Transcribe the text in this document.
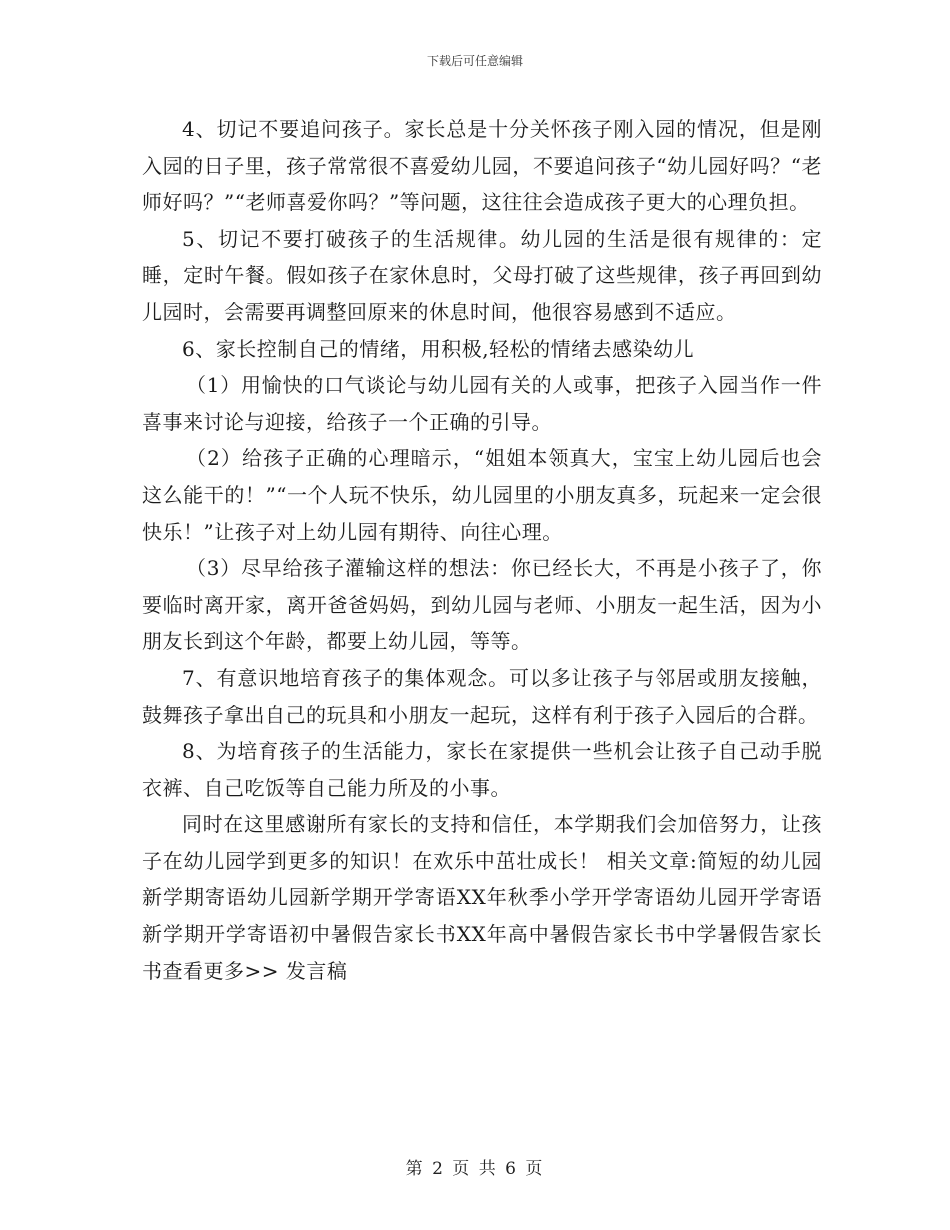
下载后可任意编辑

4、切记不要追问孩子。家长总是十分关怀孩子刚入园的情况，但是刚入园的日子里，孩子常常很不喜爱幼儿园，不要追问孩子“幼儿园好吗？“老师好吗？”“老师喜爱你吗？”等问题，这往往会造成孩子更大的心理负担。

5、切记不要打破孩子的生活规律。幼儿园的生活是很有规律的：定睡，定时午餐。假如孩子在家休息时，父母打破了这些规律，孩子再回到幼儿园时，会需要再调整回原来的休息时间，他很容易感到不适应。

6、家长控制自己的情绪，用积极,轻松的情绪去感染幼儿

（1）用愉快的口气谈论与幼儿园有关的人或事，把孩子入园当作一件喜事来讨论与迎接，给孩子一个正确的引导。

（2）给孩子正确的心理暗示，“姐姐本领真大，宝宝上幼儿园后也会这么能干的！”“一个人玩不快乐，幼儿园里的小朋友真多，玩起来一定会很快乐！”让孩子对上幼儿园有期待、向往心理。

（3）尽早给孩子灌输这样的想法：你已经长大，不再是小孩子了，你要临时离开家，离开爸爸妈妈，到幼儿园与老师、小朋友一起生活，因为小朋友长到这个年龄，都要上幼儿园，等等。

7、有意识地培育孩子的集体观念。可以多让孩子与邻居或朋友接触，鼓舞孩子拿出自己的玩具和小朋友一起玩，这样有利于孩子入园后的合群。

8、为培育孩子的生活能力，家长在家提供一些机会让孩子自己动手脱衣裤、自己吃饭等自己能力所及的小事。

同时在这里感谢所有家长的支持和信任，本学期我们会加倍努力，让孩子在幼儿园学到更多的知识！在欢乐中茁壮成长！ 相关文章:简短的幼儿园新学期寄语幼儿园新学期开学寄语XX年秋季小学开学寄语幼儿园开学寄语新学期开学寄语初中暑假告家长书XX年高中暑假告家长书中学暑假告家长书查看更多>> 发言稿

第 2 页 共 6 页
